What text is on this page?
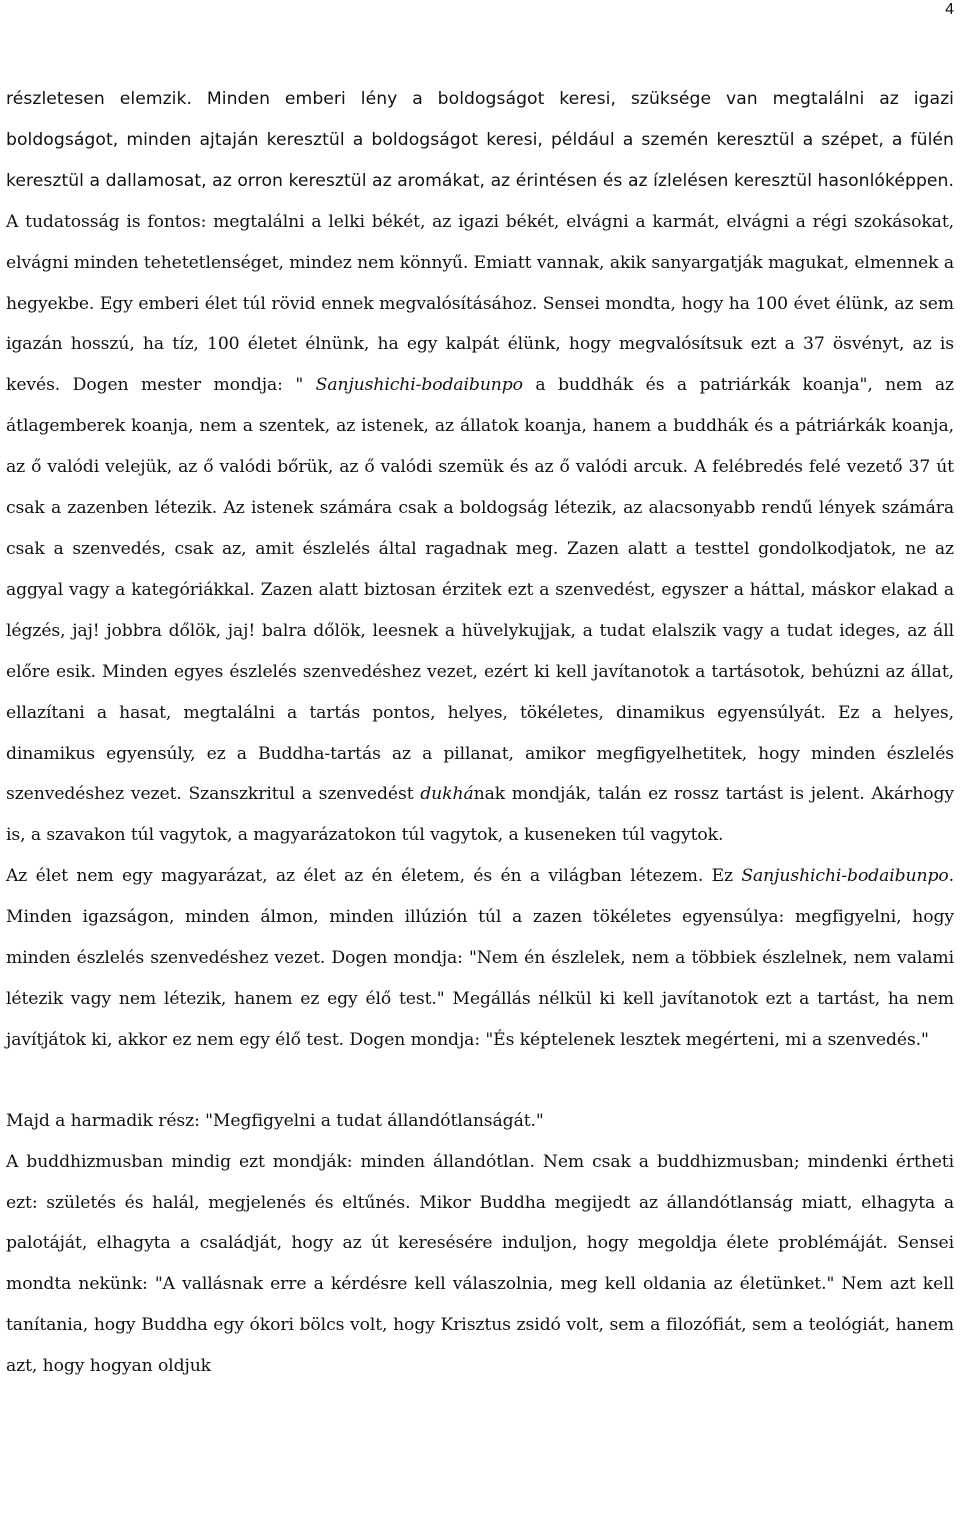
4

részletesen elemzik. Minden emberi lény a boldogságot keresi, szüksége van megtalálni az igazi boldogságot, minden ajtaján keresztül a boldogságot keresi, például a szemén keresztül a szépet, a fülén keresztül a dallamosat, az orron keresztül az aromákat, az érintésen és az ízlelésen keresztül hasonlóképpen. A tudatosság is fontos: megtalálni a lelki békét, az igazi békét, elvágni a karmát, elvágni a régi szokásokat, elvágni minden tehetetlenséget, mindez nem könnyű. Emiatt vannak, akik sanyargatják magukat, elmennek a hegyekbe. Egy emberi élet túl rövid ennek megvalósításához. Sensei mondta, hogy ha 100 évet élünk, az sem igazán hosszú, ha tíz, 100 életet élnünk, ha egy kalpát élünk, hogy megvalósítsuk ezt a 37 ösvényt, az is kevés. Dogen mester mondja: " Sanjushichi-bodaibunpo a buddhák és a patriárkák koanja", nem az átlagemberek koanja, nem a szentek, az istenek, az állatok koanja, hanem a buddhák és a pátriárkák koanja, az ő valódi velejük, az ő valódi bőrük, az ő valódi szemük és az ő valódi arcuk. A felébredés felé vezető 37 út csak a zazenben létezik. Az istenek számára csak a boldogság létezik, az alacsonyabb rendű lények számára csak a szenvedés, csak az, amit észlelés által ragadnak meg. Zazen alatt a testtel gondolkodjatok, ne az aggyal vagy a kategóriákkal. Zazen alatt biztosan érzitek ezt a szenvedést, egyszer a háttal, máskor elakad a légzés, jaj! jobbra dőlök, jaj! balra dőlök, leesnek a hüvelykujjak, a tudat elalszik vagy a tudat ideges, az áll előre esik. Minden egyes észlelés szenvedéshez vezet, ezért ki kell javítanotok a tartásotok, behúzni az állat, ellazítani a hasat, megtalálni a tartás pontos, helyes, tökéletes, dinamikus egyensúlyát. Ez a helyes, dinamikus egyensúly, ez a Buddha-tartás az a pillanat, amikor megfigyelhetitek, hogy minden észlelés szenvedéshez vezet. Szanszkritul a szenvedést dukhának mondják, talán ez rossz tartást is jelent. Akárhogy is, a szavakon túl vagytok, a magyarázatokon túl vagytok, a kuseneken túl vagytok.

Az élet nem egy magyarázat, az élet az én életem, és én a világban létezem. Ez Sanjushichi-bodaibunpo. Minden igazságon, minden álmon, minden illúzión túl a zazen tökéletes egyensúlya: megfigyelni, hogy minden észlelés szenvedéshez vezet. Dogen mondja: "Nem én észlelek, nem a többiek észlelnek, nem valami létezik vagy nem létezik, hanem ez egy élő test." Megállás nélkül ki kell javítanotok ezt a tartást, ha nem javítjátok ki, akkor ez nem egy élő test. Dogen mondja: "És képtelenek lesztek megérteni, mi a szenvedés."

Majd a harmadik rész: "Megfigyelni a tudat állandótlanságát."

A buddhizmusban mindig ezt mondják: minden állandótlan. Nem csak a buddhizmusban; mindenki értheti ezt: születés és halál, megjelenés és eltűnés. Mikor Buddha megijedt az állandótlanság miatt, elhagyta a palotáját, elhagyta a családját, hogy az út keresésére induljon, hogy megoldja élete problémáját. Sensei mondta nekünk: "A vallásnak erre a kérdésre kell válaszolnia, meg kell oldania az életünket." Nem azt kell tanítania, hogy Buddha egy ókori bölcs volt, hogy Krisztus zsidó volt, sem a filozófiát, sem a teológiát, hanem azt, hogy hogyan oldjuk
